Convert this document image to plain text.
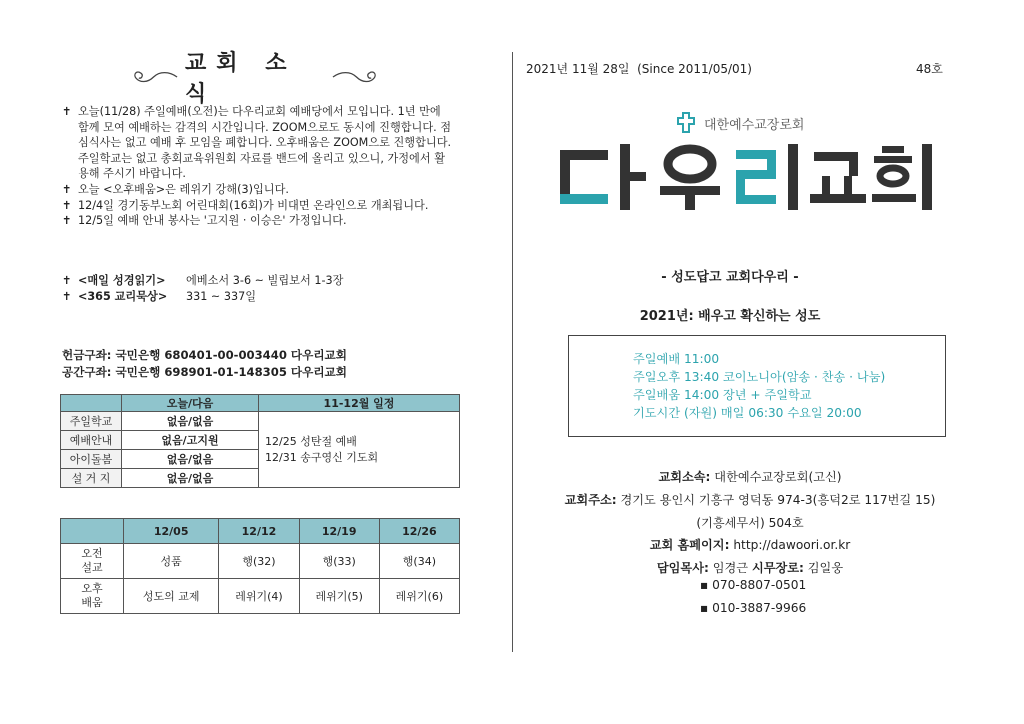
교회 소식
✝ 오늘(11/28) 주일예배(오전)는 다우리교회 예배당에서 모입니다. 1년 만에 함께 모여 예배하는 감격의 시간입니다. ZOOM으로도 동시에 진행합니다. 점심식사는 없고 예배 후 모임을 폐합니다. 오후배움은 ZOOM으로 진행합니다. 주일학교는 없고 총회교육위원회 자료를 밴드에 올리고 있으니, 가정에서 활용해 주시기 바랍니다.
✝ 오늘 <오후배움>은 레위기 강해(3)입니다.
✝ 12/4일 경기동부노회 어린대회(16회)가 비대면 온라인으로 개최됩니다.
✝ 12/5일 예배 안내 봉사는 '고지원 · 이승은' 가정입니다.
✝ <매일 성경읽기>	에베소서 3-6 ~ 빌립보서 1-3장
✝ <365 교리묵상>	331 ~ 337일
헌금구좌: 국민은행 680401-00-003440 다우리교회
공간구좌: 국민은행 698901-01-148305 다우리교회
	오늘/다음	11-12월 일정
주일학교	없음/없음	12/25 성탄절 예배
12/31 송구영신 기도회

예배안내	없음/고지원	
아이돌봄	없음/없음	
설 거 지	없음/없음	
	12/05	12/12	12/19	12/26
오전
설교	성품	행(32)	행(33)	행(34)
오후
배움	성도의 교제	레위기(4)	레위기(5)	레위기(6)
2021년 11월 28일  (Since 2011/05/01)	48호
대한예수교장로회
- 성도답고 교회다우리 -
2021년: 배우고 확신하는 성도
주일예배 11:00
주일오후 13:40 코이노니아(암송 · 찬송 · 나눔)
주일배움 14:00 장년 + 주일학교
기도시간 (자원) 매일 06:30 수요일 20:00
교회소속: 대한예수교장로회(고신)
교회주소: 경기도 용인시 기흥구 영덕동 974-3(흥덕2로 117번길 15)
(기흥세무서) 504호
교회 홈페이지: http://dawoori.or.kr
담임목사: 임경근 시무장로: 김일웅
▪ 070-8807-0501
▪ 010-3887-9966
